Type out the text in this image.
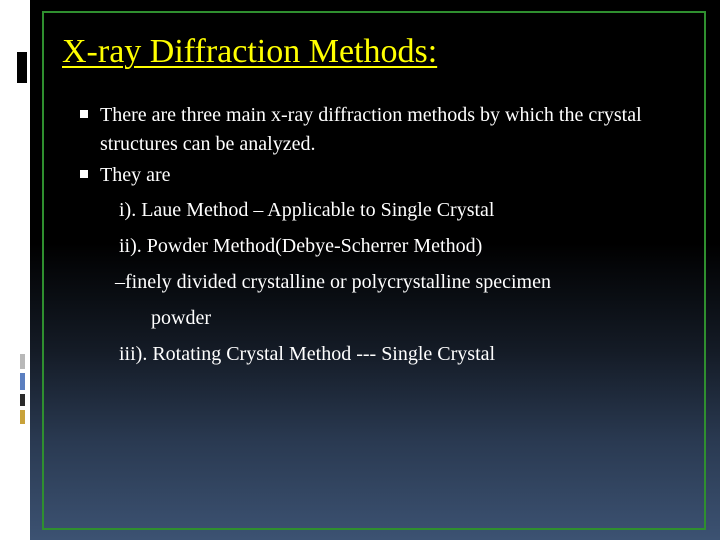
X-ray Diffraction Methods:
There are three main x-ray diffraction methods by which the crystal structures can be analyzed.
They are
i). Laue Method – Applicable to Single Crystal
ii). Powder Method(Debye-Scherrer Method)
–finely divided crystalline or polycrystalline specimen
powder
iii). Rotating Crystal Method --- Single Crystal
